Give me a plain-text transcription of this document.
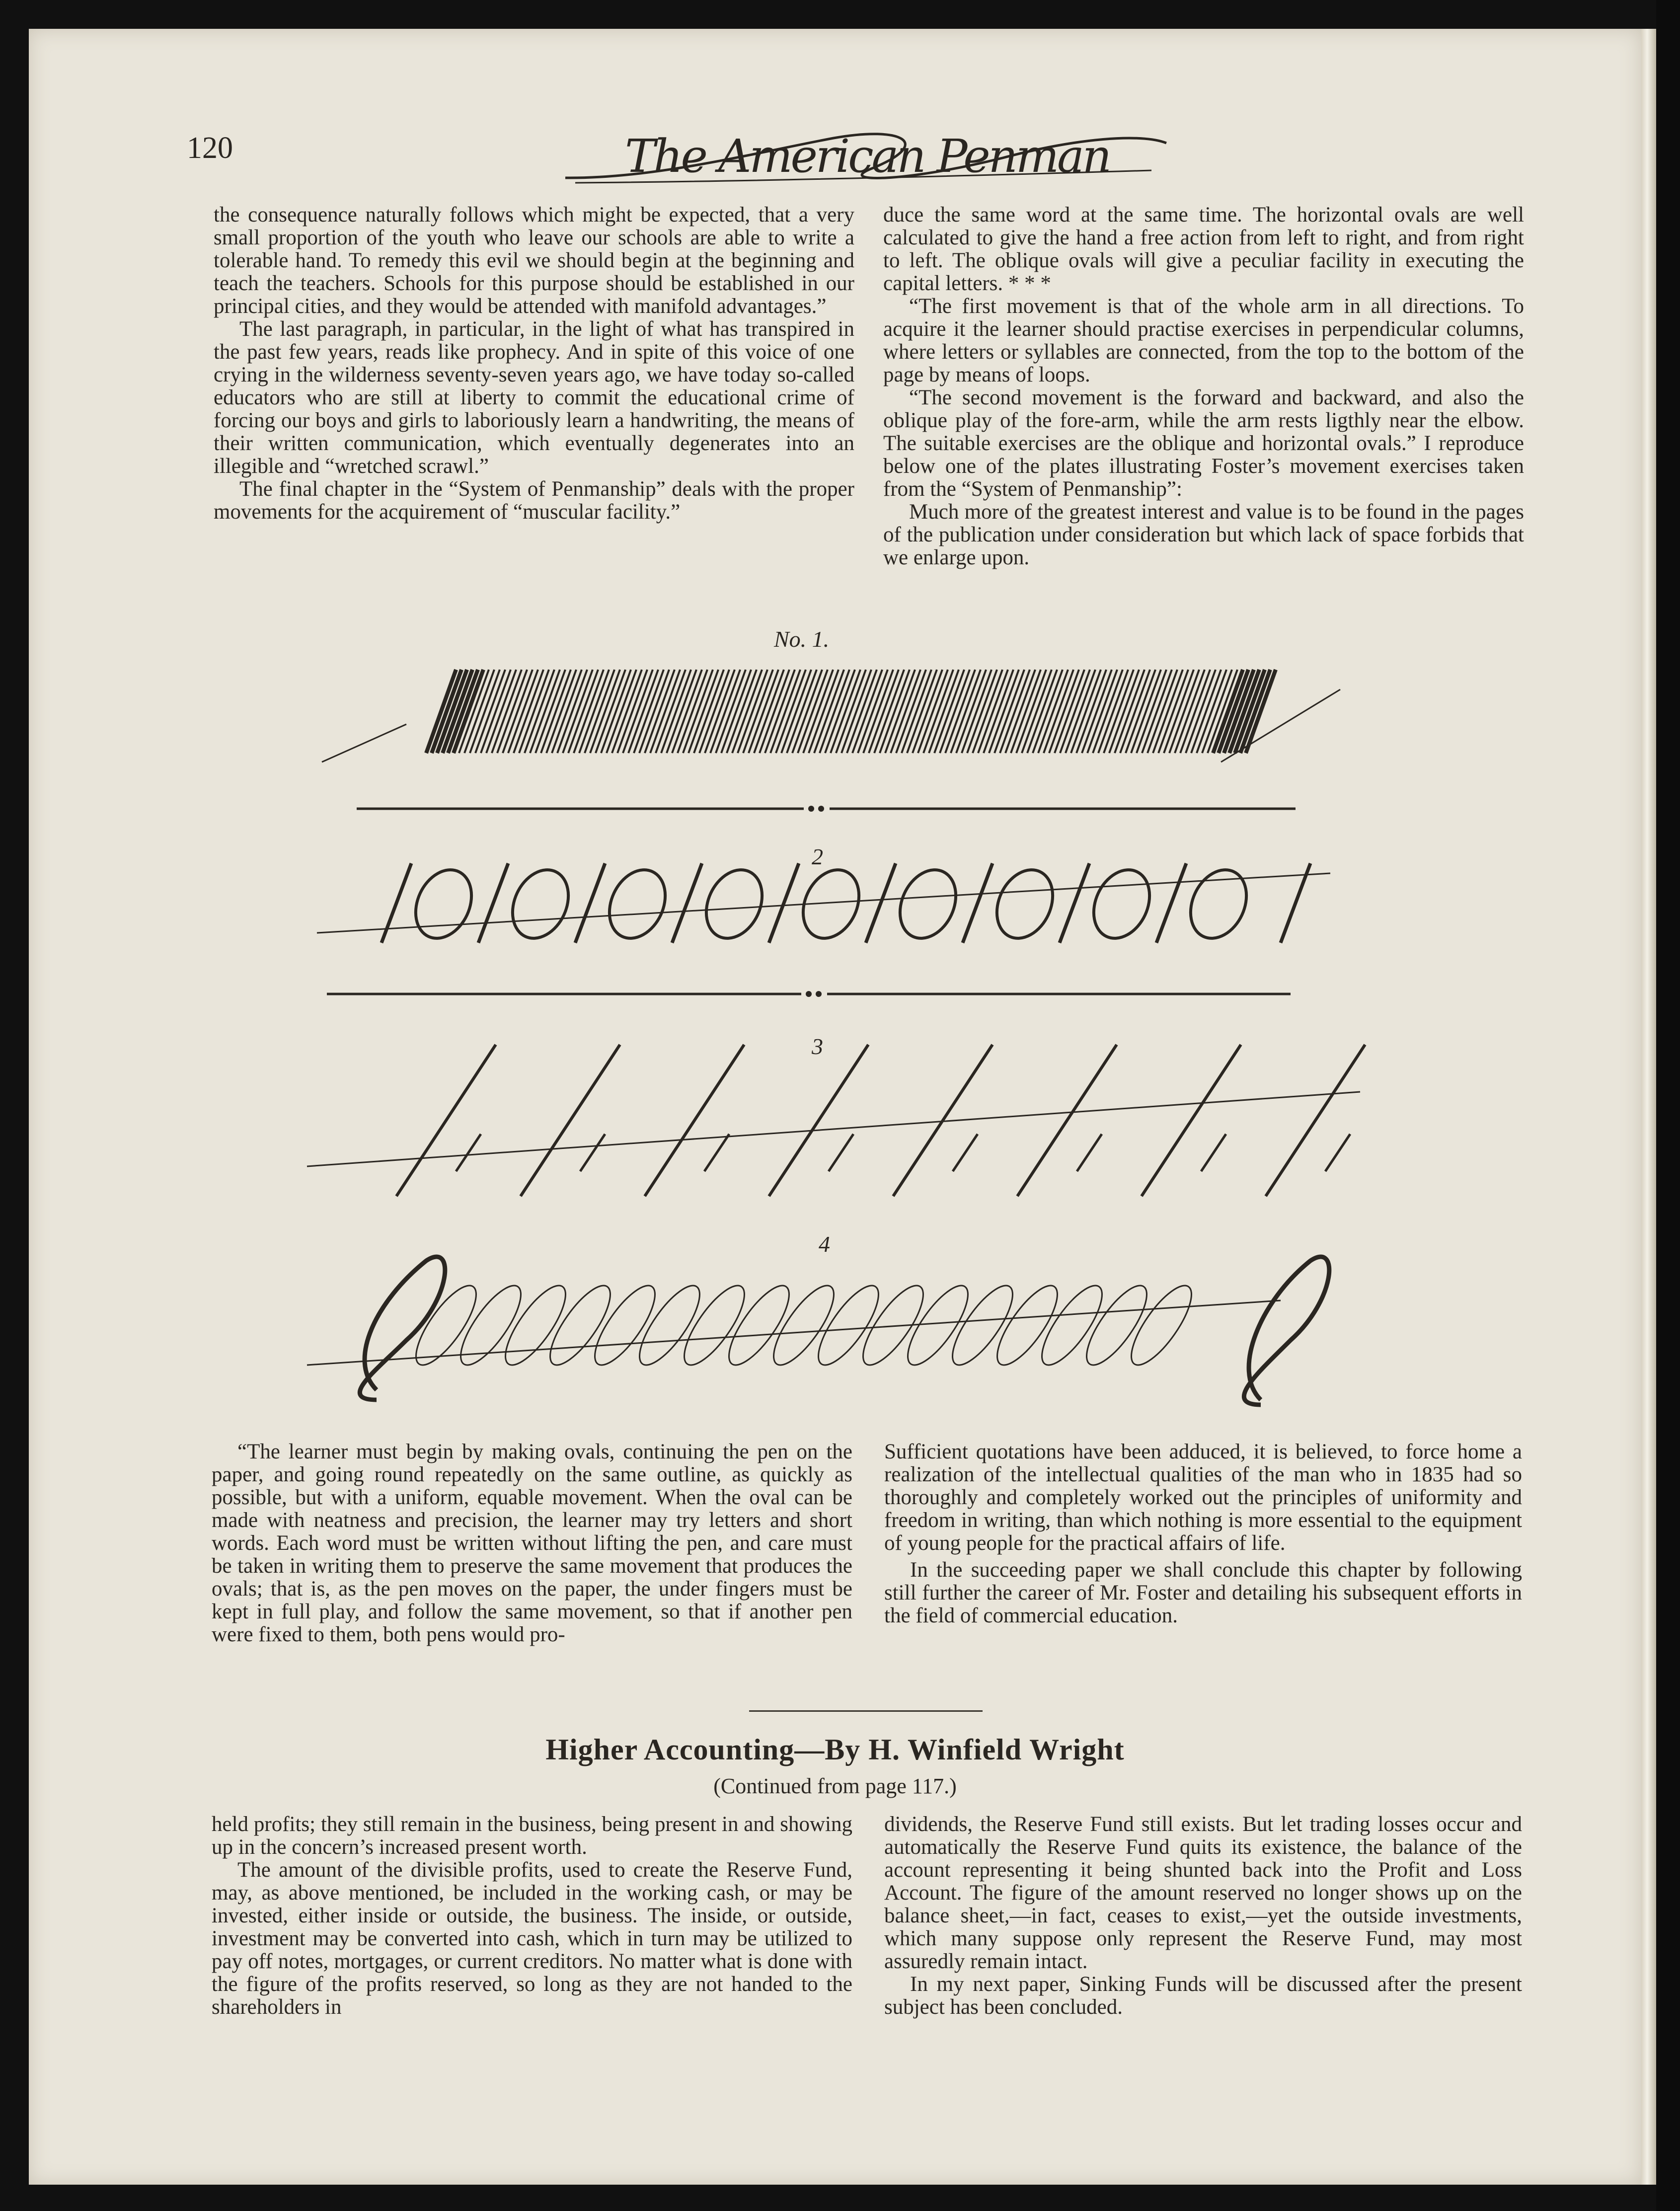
120	The American Penman

the consequence naturally follows which might be expected, that a very small proportion of the youth who leave our schools are able to write a tolerable hand. To remedy this evil we should begin at the beginning and teach the teachers. Schools for this purpose should be established in our principal cities, and they would be attended with manifold advantages.”

The last paragraph, in particular, in the light of what has transpired in the past few years, reads like prophecy. And in spite of this voice of one crying in the wilderness seventy-seven years ago, we have today so-called educators who are still at liberty to commit the educational crime of forcing our boys and girls to laboriously learn a handwriting, the means of their written communication, which eventually degenerates into an illegible and “wretched scrawl.”

The final chapter in the “System of Penmanship” deals with the proper movements for the acquirement of “muscular facility.”

duce the same word at the same time. The horizontal ovals are well calculated to give the hand a free action from left to right, and from right to left. The oblique ovals will give a peculiar facility in executing the capital letters. * * *

“The first movement is that of the whole arm in all directions. To acquire it the learner should practise exercises in perpendicular columns, where letters or syllables are connected, from the top to the bottom of the page by means of loops.

“The second movement is the forward and backward, and also the oblique play of the fore-arm, while the arm rests ligthly near the elbow. The suitable exercises are the oblique and horizontal ovals.” I reproduce below one of the plates illustrating Foster’s movement exercises taken from the “System of Penmanship”:

Much more of the greatest interest and value is to be found in the pages of the publication under consideration but which lack of space forbids that we enlarge upon.

No. 1.
2
3
4

“The learner must begin by making ovals, continuing the pen on the paper, and going round repeatedly on the same outline, as quickly as possible, but with a uniform, equable movement. When the oval can be made with neatness and precision, the learner may try letters and short words. Each word must be written without lifting the pen, and care must be taken in writing them to preserve the same movement that produces the ovals; that is, as the pen moves on the paper, the under fingers must be kept in full play, and follow the same movement, so that if another pen were fixed to them, both pens would pro-

Sufficient quotations have been adduced, it is believed, to force home a realization of the intellectual qualities of the man who in 1835 had so thoroughly and completely worked out the principles of uniformity and freedom in writing, than which nothing is more essential to the equipment of young people for the practical affairs of life.

In the succeeding paper we shall conclude this chapter by following still further the career of Mr. Foster and detailing his subsequent efforts in the field of commercial education.

Higher Accounting—By H. Winfield Wright
(Continued from page 117.)

held profits; they still remain in the business, being present in and showing up in the concern’s increased present worth.

The amount of the divisible profits, used to create the Reserve Fund, may, as above mentioned, be included in the working cash, or may be invested, either inside or outside, the business. The inside, or outside, investment may be converted into cash, which in turn may be utilized to pay off notes, mortgages, or current creditors. No matter what is done with the figure of the profits reserved, so long as they are not handed to the shareholders in

dividends, the Reserve Fund still exists. But let trading losses occur and automatically the Reserve Fund quits its existence, the balance of the account representing it being shunted back into the Profit and Loss Account. The figure of the amount reserved no longer shows up on the balance sheet,—in fact, ceases to exist,—yet the outside investments, which many suppose only represent the Reserve Fund, may most assuredly remain intact.

In my next paper, Sinking Funds will be discussed after the present subject has been concluded.
